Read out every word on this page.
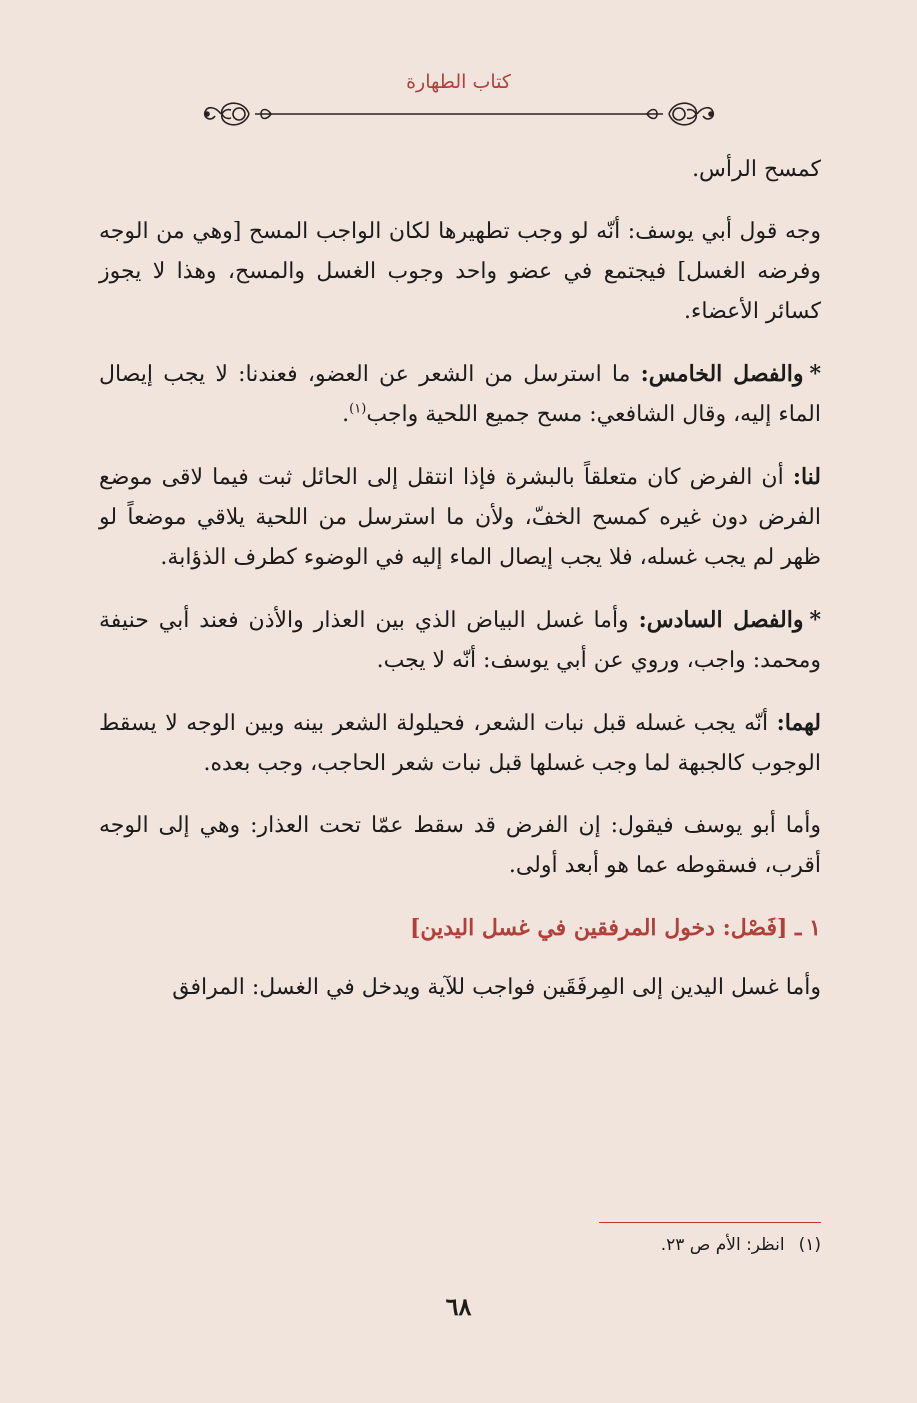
كتاب الطهارة

كمسح الرأس.

وجه قول أبي يوسف: أنّه لو وجب تطهيرها لكان الواجب المسح [وهي من الوجه وفرضه الغسل] فيجتمع في عضو واحد وجوب الغسل والمسح، وهذا لا يجوز كسائر الأعضاء.

*والفصل الخامس: ما استرسل من الشعر عن العضو، فعندنا: لا يجب إيصال الماء إليه، وقال الشافعي: مسح جميع اللحية واجب$^{(١)}$.

لنا: أن الفرض كان متعلقاً بالبشرة فإذا انتقل إلى الحائل ثبت فيما لاقى موضع الفرض دون غيره كمسح الخفّ، ولأن ما استرسل من اللحية يلاقي موضعاً لو ظهر لم يجب غسله، فلا يجب إيصال الماء إليه في الوضوء كطرف الذؤابة.

*والفصل السادس: وأما غسل البياض الذي بين العذار والأذن فعند أبي حنيفة ومحمد: واجب، وروي عن أبي يوسف: أنّه لا يجب.

لهما: أنّه يجب غسله قبل نبات الشعر، فحيلولة الشعر بينه وبين الوجه لا يسقط الوجوب كالجبهة لما وجب غسلها قبل نبات شعر الحاجب، وجب بعده.

وأما أبو يوسف فيقول: إن الفرض قد سقط عمّا تحت العذار: وهي إلى الوجه أقرب، فسقوطه عما هو أبعد أولى.

١ ـ [فَصْل: دخول المرفقين في غسل اليدين]

وأما غسل اليدين إلى المِرفَقَين فواجب للآية ويدخل في الغسل: المرافق

(١)انظر: الأم ص ٢٣.
٦٨
